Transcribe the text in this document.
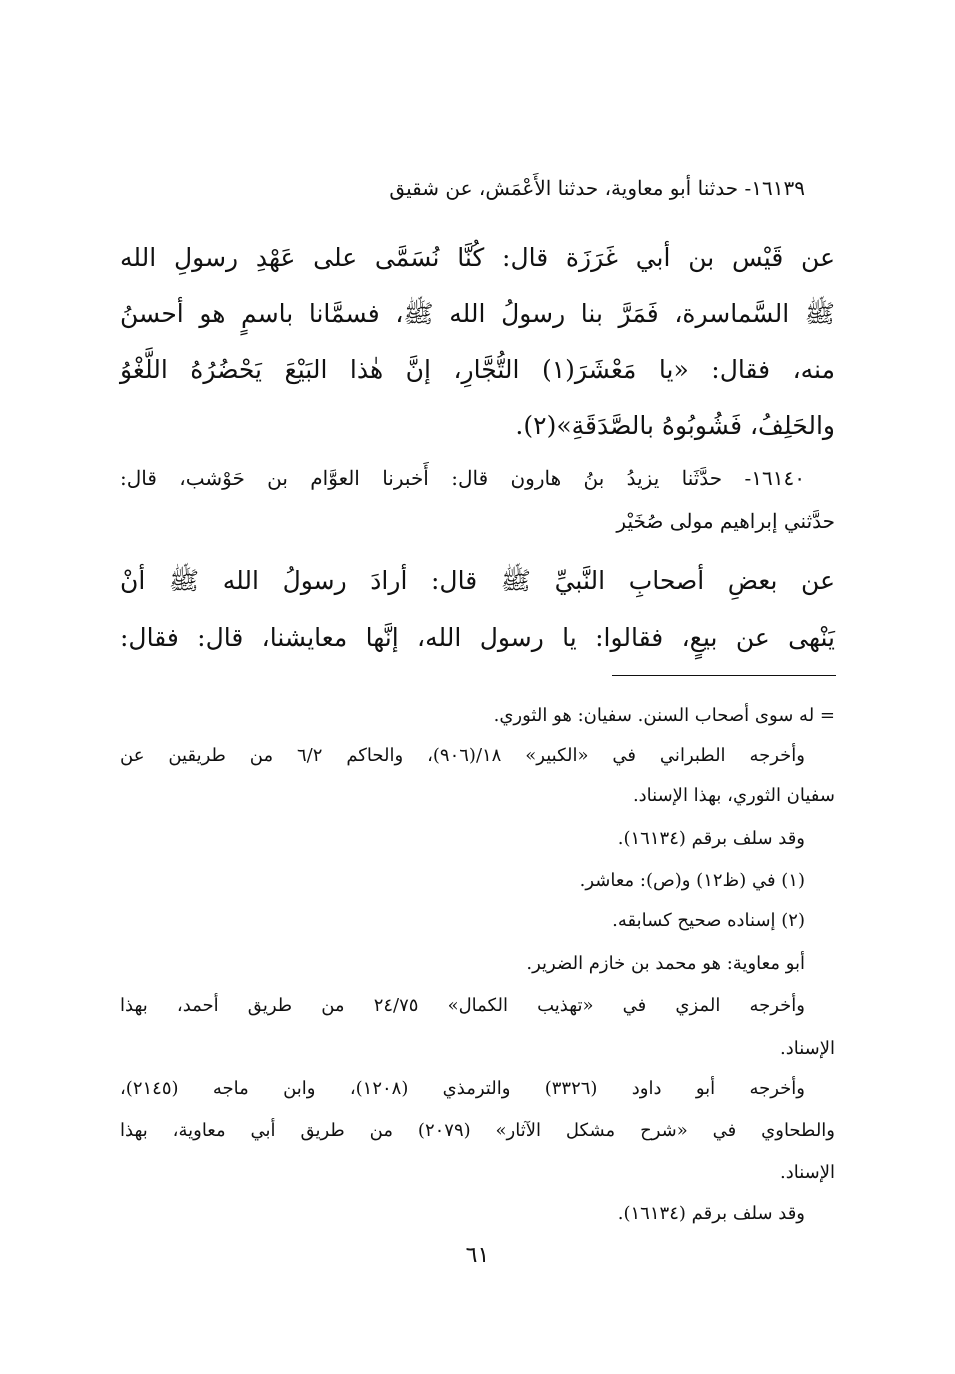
١٦١٣٩- حدثنا أبو معاوية، حدثنا الأَعْمَش، عن شقيق
عن قَيْس بن أبي غَرَزَة قال: كُنَّا نُسَمَّى على عَهْدِ رسولِ الله
ﷺ السَّماسرة، فَمَرَّ بنا رسولُ الله ﷺ، فسمَّانا باسمٍ هو أحسنُ
منه، فقال: «يا مَعْشَرَ(١) التُّجَّارِ، إنَّ هٰذا البَيْعَ يَحْضُرُهُ اللَّغْوُ
والحَلِفُ، فَشُوبُوهُ بالصَّدَقَةِ»(٢).
١٦١٤٠- حدَّثَنا يزيدُ بنُ هارون قال: أَخبرنا العوَّام بن حَوْشب، قال:
حدَّثني إبراهيم مولى صُخَيْر
عن بعضِ أصحابِ النَّبيِّ ﷺ قال: أرادَ رسولُ الله ﷺ أنْ
يَنْهى عن بيعٍ، فقالوا: يا رسول الله، إنَّها معايشنا، قال: فقال:
= له سوى أصحاب السنن. سفيان: هو الثوري.
وأخرجه الطبراني في «الكبير» ١٨/(٩٠٦)، والحاكم ٦/٢ من طريقين عن
سفيان الثوري، بهذا الإسناد.
وقد سلف برقم (١٦١٣٤).
(١) في (ظ١٢) و(ص): معاشر.
(٢) إسناده صحيح كسابقه.
أبو معاوية: هو محمد بن خازم الضرير.
وأخرجه المزي في «تهذيب الكمال» ٢٤/٧٥ من طريق أحمد، بهذا
الإسناد.
وأخرجه أبو داود (٣٣٢٦) والترمذي (١٢٠٨)، وابن ماجه (٢١٤٥)،
والطحاوي في «شرح مشكل الآثار» (٢٠٧٩) من طريق أبي معاوية، بهذا
الإسناد.
وقد سلف برقم (١٦١٣٤).
٦١
